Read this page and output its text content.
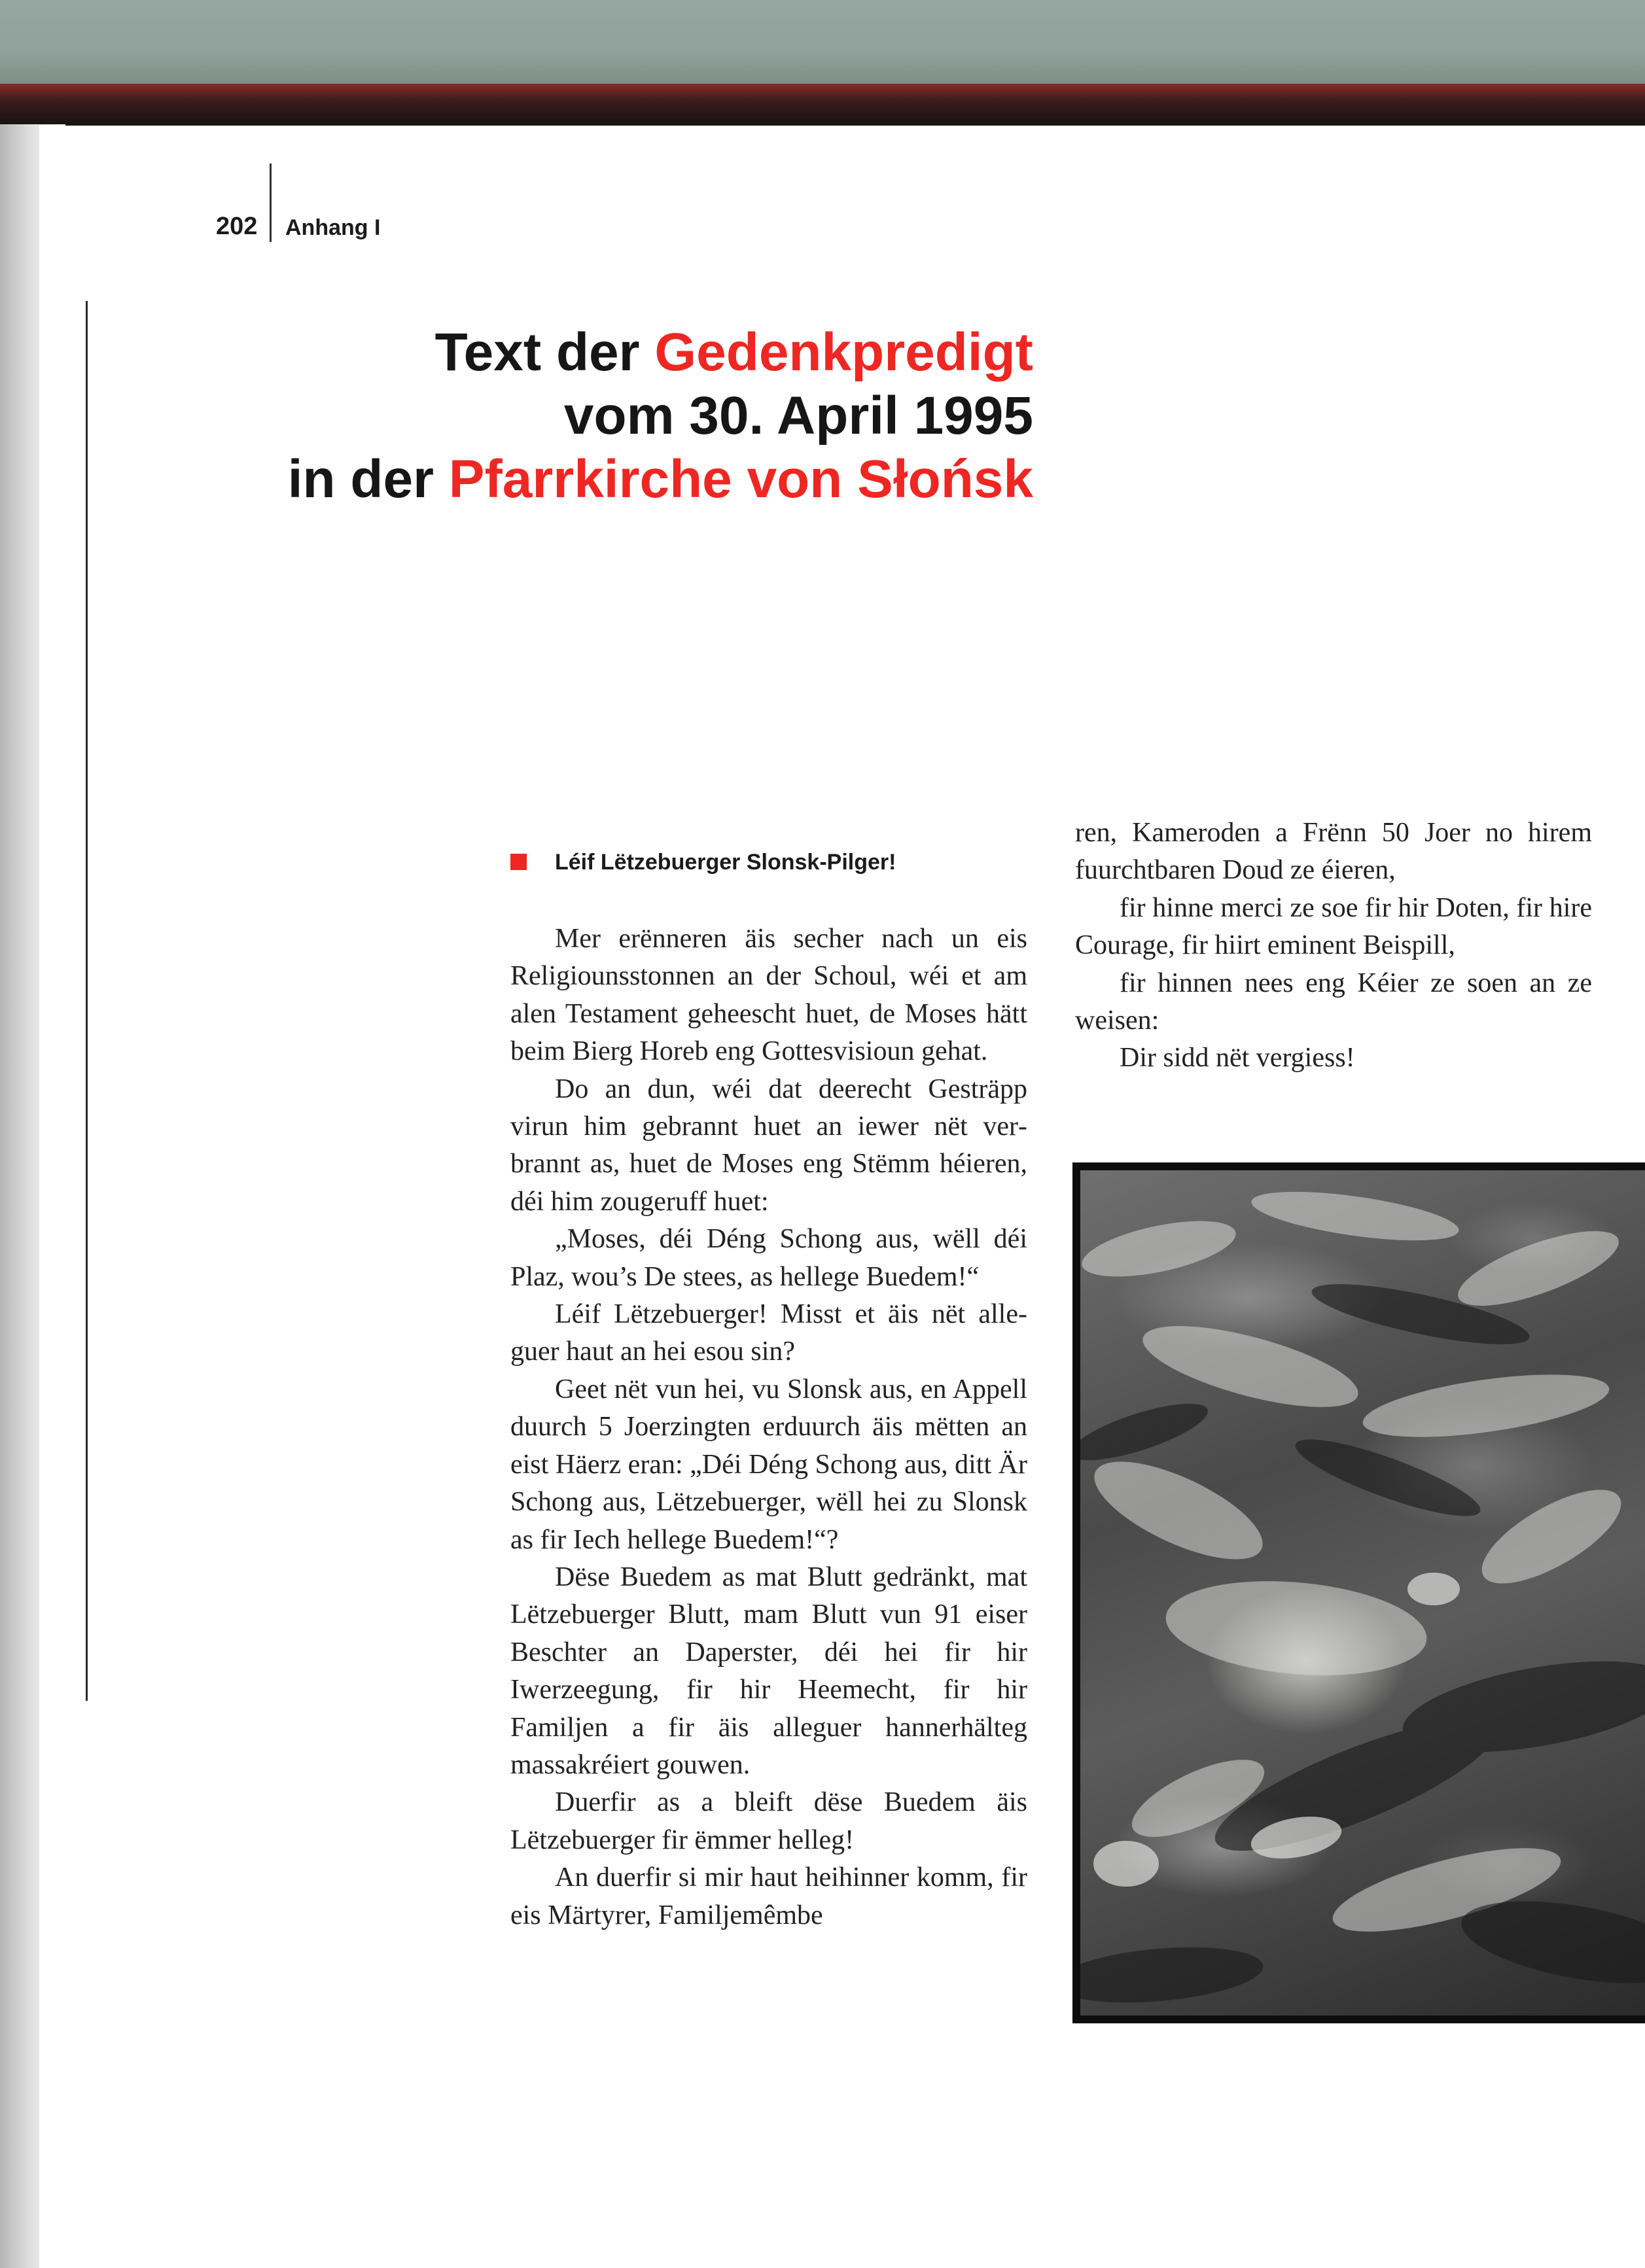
202 Anhang I
Text der Gedenkpredigt
vom 30. April 1995
in der Pfarrkirche von Słońsk
Léif Lëtzebuerger Slonsk-Pilger!

Mer erënneren äis secher nach un eis Religiounsstonnen an der Schoul, wéi et am alen Testament geheescht huet, de Moses hätt beim Bierg Horeb eng Gottesvisioun gehat.

Do an dun, wéi dat deerecht Gesträpp virun him gebrannt huet an iewer nët verbrannt as, huet de Moses eng Stëmm héieren, déi him zougeruff huet:

„Moses, déi Déng Schong aus, wëll déi Plaz, wou’s De stees, as hellege Buedem!“

Léif Lëtzebuerger! Misst et äis nët alleguer haut an hei esou sin?

Geet nët vun hei, vu Slonsk aus, en Appell duurch 5 Joerzingten erduurch äis mëtten an eist Häerz eran: „Déi Déng Schong aus, ditt Är Schong aus, Lëtzebuerger, wëll hei zu Slonsk as fir Iech hellege Buedem!“?

Dëse Buedem as mat Blutt gedränkt, mat Lëtzebuerger Blutt, mam Blutt vun 91 eiser Beschter an Daperster, déi hei fir hir Iwerzeegung, fir hir Heemecht, fir hir Familjen a fir äis alleguer hannerhälteg massakréiert gouwen.

Duerfir as a bleift dëse Buedem äis Lëtzebuerger fir ëmmer helleg!

An duerfir si mir haut heihinner komm, fir eis Märtyrer, Familjemêmbe

ren, Kameroden a Frënn 50 Joer no hirem fuurchtbaren Doud ze éieren,

fir hinne merci ze soe fir hir Doten, fir hire Courage, fir hiirt eminent Beispill,

fir hinnen nees eng Kéier ze soen an ze weisen:

Dir sidd nët vergiess!
